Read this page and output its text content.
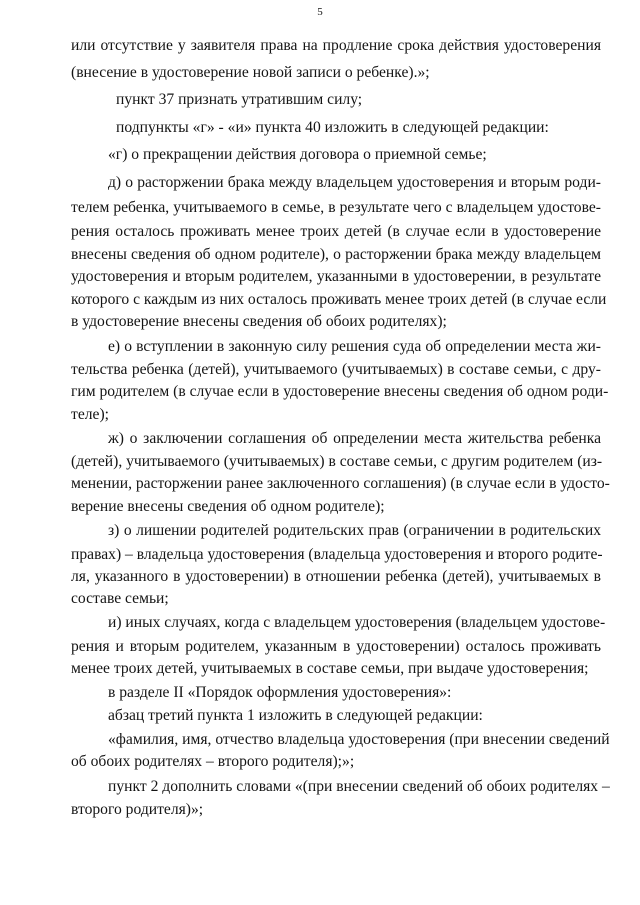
5
или отсутствие у заявителя права на продление срока действия удостоверения
(внесение в удостоверение новой записи о ребенке).»;
пункт 37 признать утратившим силу;
подпункты «г» - «и» пункта 40 изложить в следующей редакции:
«г) о прекращении действия договора о приемной семье;
д) о расторжении брака между владельцем удостоверения и вторым роди-
телем ребенка, учитываемого в семье, в результате чего с владельцем удостове-
рения осталось проживать менее троих детей (в случае если в удостоверение
внесены сведения об одном родителе), о расторжении брака между владельцем
удостоверения и вторым родителем, указанными в удостоверении, в результате
которого с каждым из них осталось проживать менее троих детей (в случае если
в удостоверение внесены сведения об обоих родителях);
е) о вступлении в законную силу решения суда об определении места жи-
тельства ребенка (детей), учитываемого (учитываемых) в составе семьи, с дру-
гим родителем (в случае если в удостоверение внесены сведения об одном роди-
теле);
ж) о заключении соглашения об определении места жительства ребенка
(детей), учитываемого (учитываемых) в составе семьи, с другим родителем (из-
менении, расторжении ранее заключенного соглашения) (в случае если в удосто-
верение внесены сведения об одном родителе);
з) о лишении родителей родительских прав (ограничении в родительских
правах) – владельца удостоверения (владельца удостоверения и второго родите-
ля, указанного в удостоверении) в отношении ребенка (детей), учитываемых в
составе семьи;
и) иных случаях, когда с владельцем удостоверения (владельцем удостове-
рения и вторым родителем, указанным в удостоверении) осталось проживать
менее троих детей, учитываемых в составе семьи, при выдаче удостоверения;
в разделе II «Порядок оформления удостоверения»:
абзац третий пункта 1 изложить в следующей редакции:
«фамилия, имя, отчество владельца удостоверения (при внесении сведений
об обоих родителях – второго родителя);»;
пункт 2 дополнить словами «(при внесении сведений об обоих родителях –
второго родителя)»;
